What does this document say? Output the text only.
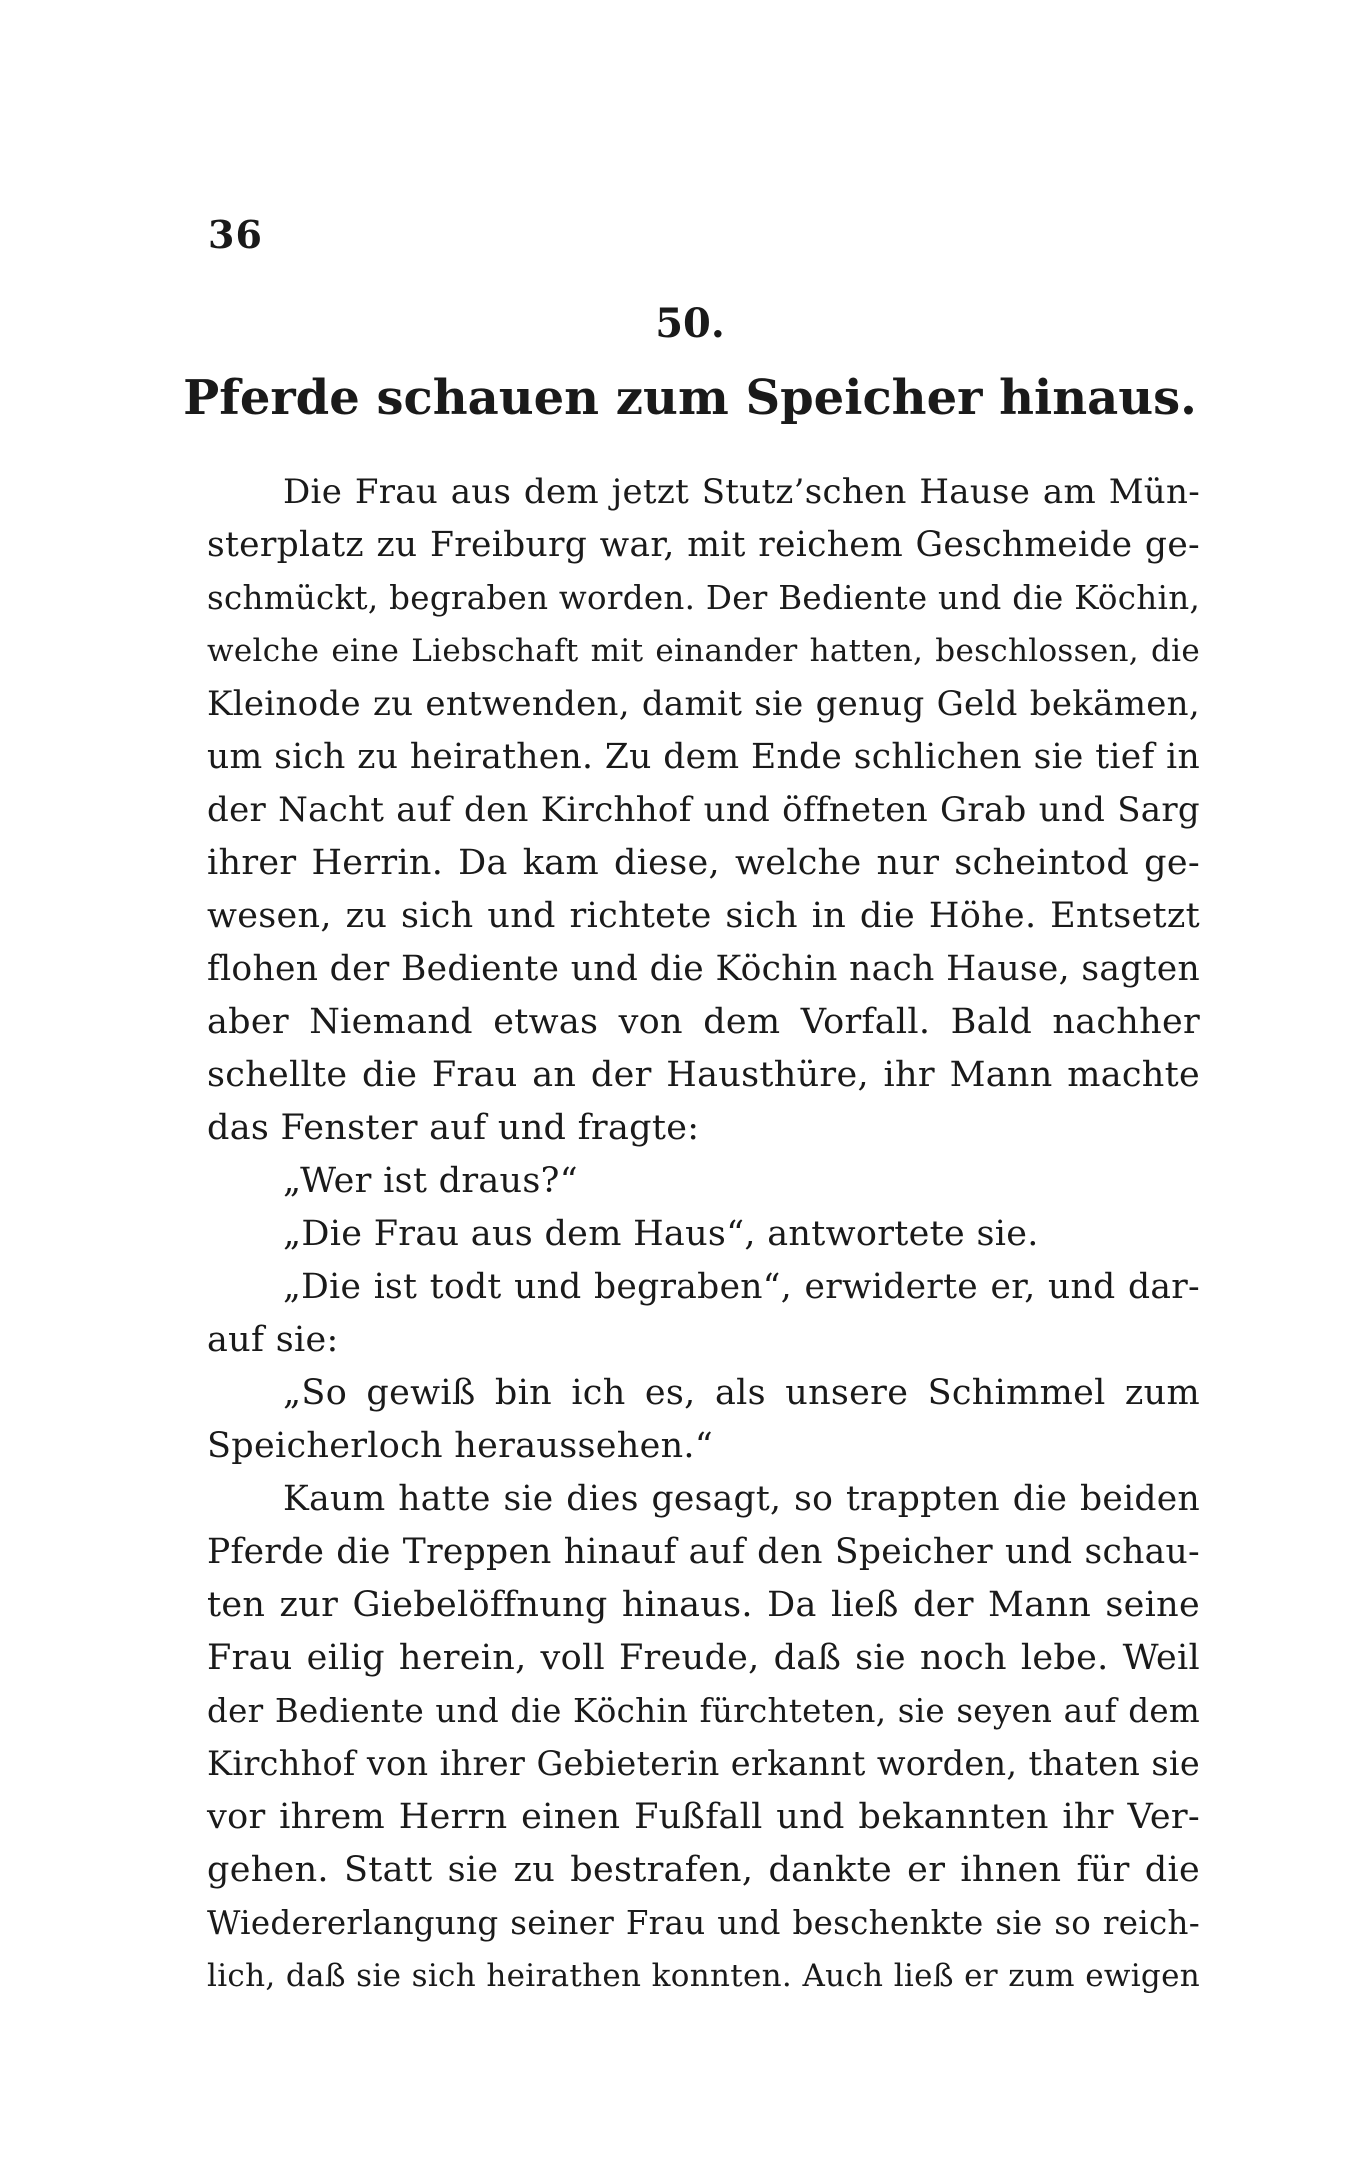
36
50.
Pferde schauen zum Speicher hinaus.
Die Frau aus dem jetzt Stutz’schen Hause am Mün-
sterplatz zu Freiburg war, mit reichem Geschmeide ge-
schmückt, begraben worden. Der Bediente und die Köchin,
welche eine Liebschaft mit einander hatten, beschlossen, die
Kleinode zu entwenden, damit sie genug Geld bekämen,
um sich zu heirathen. Zu dem Ende schlichen sie tief in
der Nacht auf den Kirchhof und öffneten Grab und Sarg
ihrer Herrin. Da kam diese, welche nur scheintod ge-
wesen, zu sich und richtete sich in die Höhe. Entsetzt
flohen der Bediente und die Köchin nach Hause, sagten
aber Niemand etwas von dem Vorfall. Bald nachher
schellte die Frau an der Hausthüre, ihr Mann machte
das Fenster auf und fragte:
„Wer ist draus?“
„Die Frau aus dem Haus“, antwortete sie.
„Die ist todt und begraben“, erwiderte er, und dar-
auf sie:
„So gewiß bin ich es, als unsere Schimmel zum
Speicherloch heraussehen.“
Kaum hatte sie dies gesagt, so trappten die beiden
Pferde die Treppen hinauf auf den Speicher und schau-
ten zur Giebelöffnung hinaus. Da ließ der Mann seine
Frau eilig herein, voll Freude, daß sie noch lebe. Weil
der Bediente und die Köchin fürchteten, sie seyen auf dem
Kirchhof von ihrer Gebieterin erkannt worden, thaten sie
vor ihrem Herrn einen Fußfall und bekannten ihr Ver-
gehen. Statt sie zu bestrafen, dankte er ihnen für die
Wiedererlangung seiner Frau und beschenkte sie so reich-
lich, daß sie sich heirathen konnten. Auch ließ er zum ewigen
